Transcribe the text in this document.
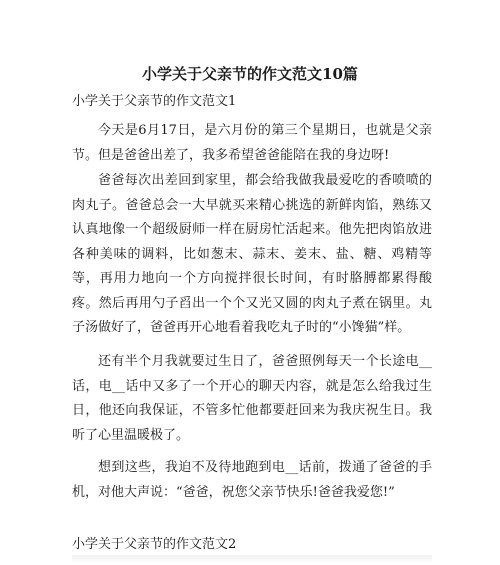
小学关于父亲节的作文范文10篇
小学关于父亲节的作文范文1

今天是6月17日，是六月份的第三个星期日，也就是父亲节。但是爸爸出差了，我多希望爸爸能陪在我的身边呀!

爸爸每次出差回到家里，都会给我做我最爱吃的香喷喷的肉丸子。爸爸总会一大早就买来精心挑选的新鲜肉馅，熟练又认真地像一个超级厨师一样在厨房忙活起来。他先把肉馅放进各种美味的调料，比如葱末、蒜末、姜末、盐、糖、鸡精等等，再用力地向一个方向搅拌很长时间，有时胳膊都累得酸疼。然后再用勺子舀出一个个又光又圆的肉丸子煮在锅里。丸子汤做好了，爸爸再开心地看着我吃丸子时的“小馋猫”样。

还有半个月我就要过生日了，爸爸照例每天一个长途电__话，电__话中又多了一个开心的聊天内容，就是怎么给我过生日，他还向我保证，不管多忙他都要赶回来为我庆祝生日。我听了心里温暖极了。

想到这些，我迫不及待地跑到电__话前，拨通了爸爸的手机，对他大声说：“爸爸，祝您父亲节快乐!爸爸我爱您!”

小学关于父亲节的作文范文2
